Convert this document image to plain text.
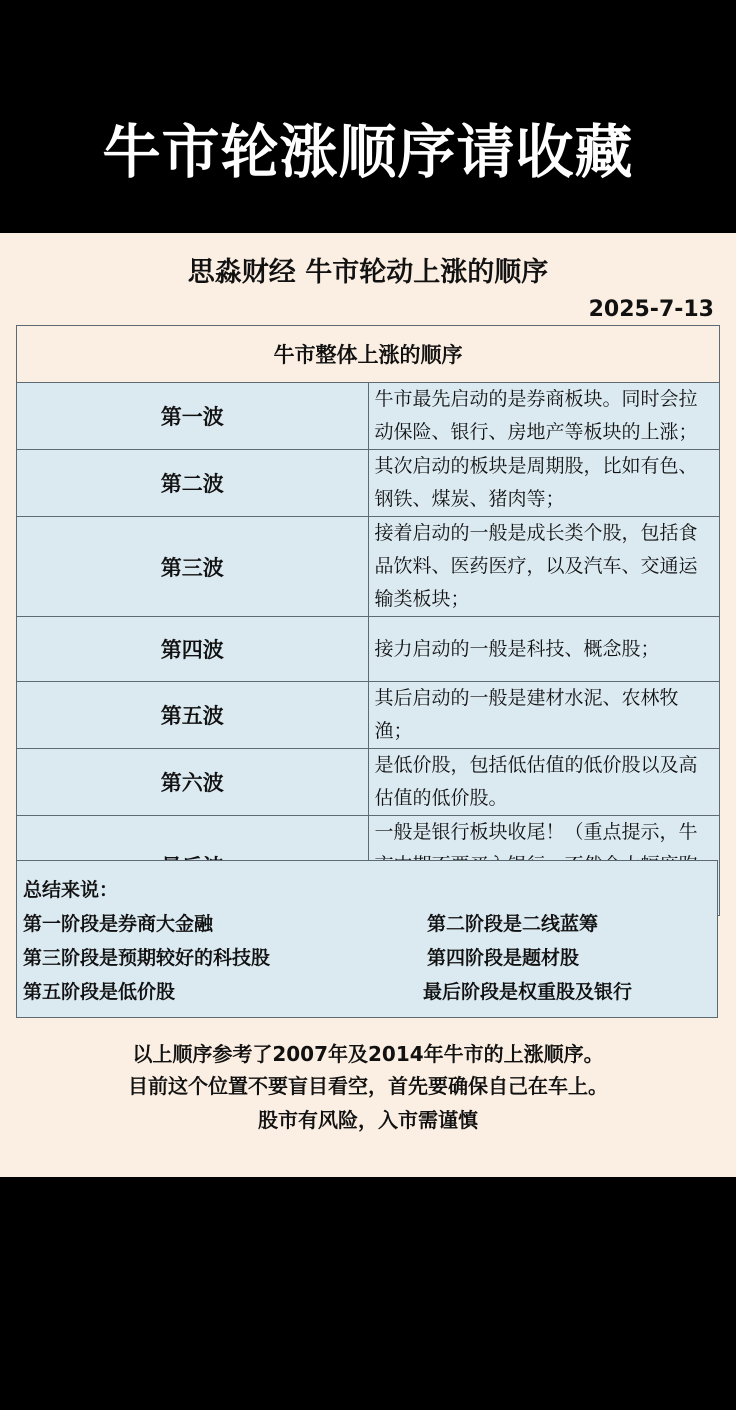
牛市轮涨顺序请收藏
思淼财经 牛市轮动上涨的顺序
2025-7-13
牛市整体上涨的顺序	
第一波	牛市最先启动的是券商板块。同时会拉动保险、银行、房地产等板块的上涨；
第二波	其次启动的板块是周期股，比如有色、钢铁、煤炭、猪肉等；
第三波	接着启动的一般是成长类个股，包括食品饮料、医药医疗，以及汽车、交通运输类板块；
第四波	接力启动的一般是科技、概念股；
第五波	其后启动的一般是建材水泥、农林牧渔；
第六波	是低价股，包括低估值的低价股以及高估值的低价股。
	一般是银行板块收尾！（重点提示，牛
总结来说：
第一阶段是券商大金融	第二阶段是二线蓝筹
第三阶段是预期较好的科技股	第四阶段是题材股
第五阶段是低价股	最后阶段是权重股及银行
以上顺序参考了2007年及2014年牛市的上涨顺序。
目前这个位置不要盲目看空，首先要确保自己在车上。
股市有风险，入市需谨慎
